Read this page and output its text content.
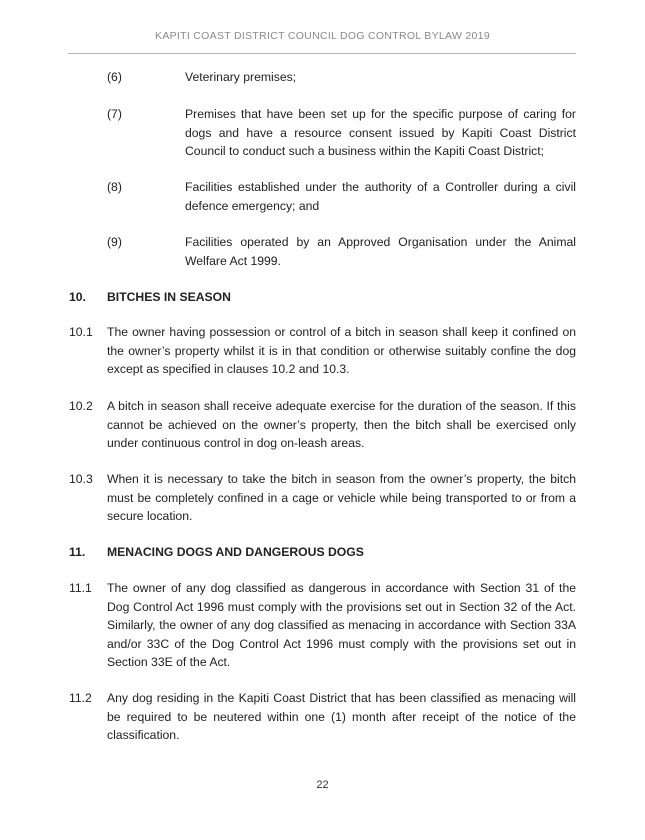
KAPITI COAST DISTRICT COUNCIL DOG CONTROL BYLAW 2019
(6)	Veterinary premises;
(7)	Premises that have been set up for the specific purpose of caring for dogs and have a resource consent issued by Kapiti Coast District Council to conduct such a business within the Kapiti Coast District;
(8)	Facilities established under the authority of a Controller during a civil defence emergency; and
(9)	Facilities operated by an Approved Organisation under the Animal Welfare Act 1999.
10. BITCHES IN SEASON
10.1 The owner having possession or control of a bitch in season shall keep it confined on the owner’s property whilst it is in that condition or otherwise suitably confine the dog except as specified in clauses 10.2 and 10.3.
10.2 A bitch in season shall receive adequate exercise for the duration of the season. If this cannot be achieved on the owner’s property, then the bitch shall be exercised only under continuous control in dog on-leash areas.
10.3 When it is necessary to take the bitch in season from the owner’s property, the bitch must be completely confined in a cage or vehicle while being transported to or from a secure location.
11. MENACING DOGS AND DANGEROUS DOGS
11.1 The owner of any dog classified as dangerous in accordance with Section 31 of the Dog Control Act 1996 must comply with the provisions set out in Section 32 of the Act. Similarly, the owner of any dog classified as menacing in accordance with Section 33A and/or 33C of the Dog Control Act 1996 must comply with the provisions set out in Section 33E of the Act.
11.2 Any dog residing in the Kapiti Coast District that has been classified as menacing will be required to be neutered within one (1) month after receipt of the notice of the classification.
22
